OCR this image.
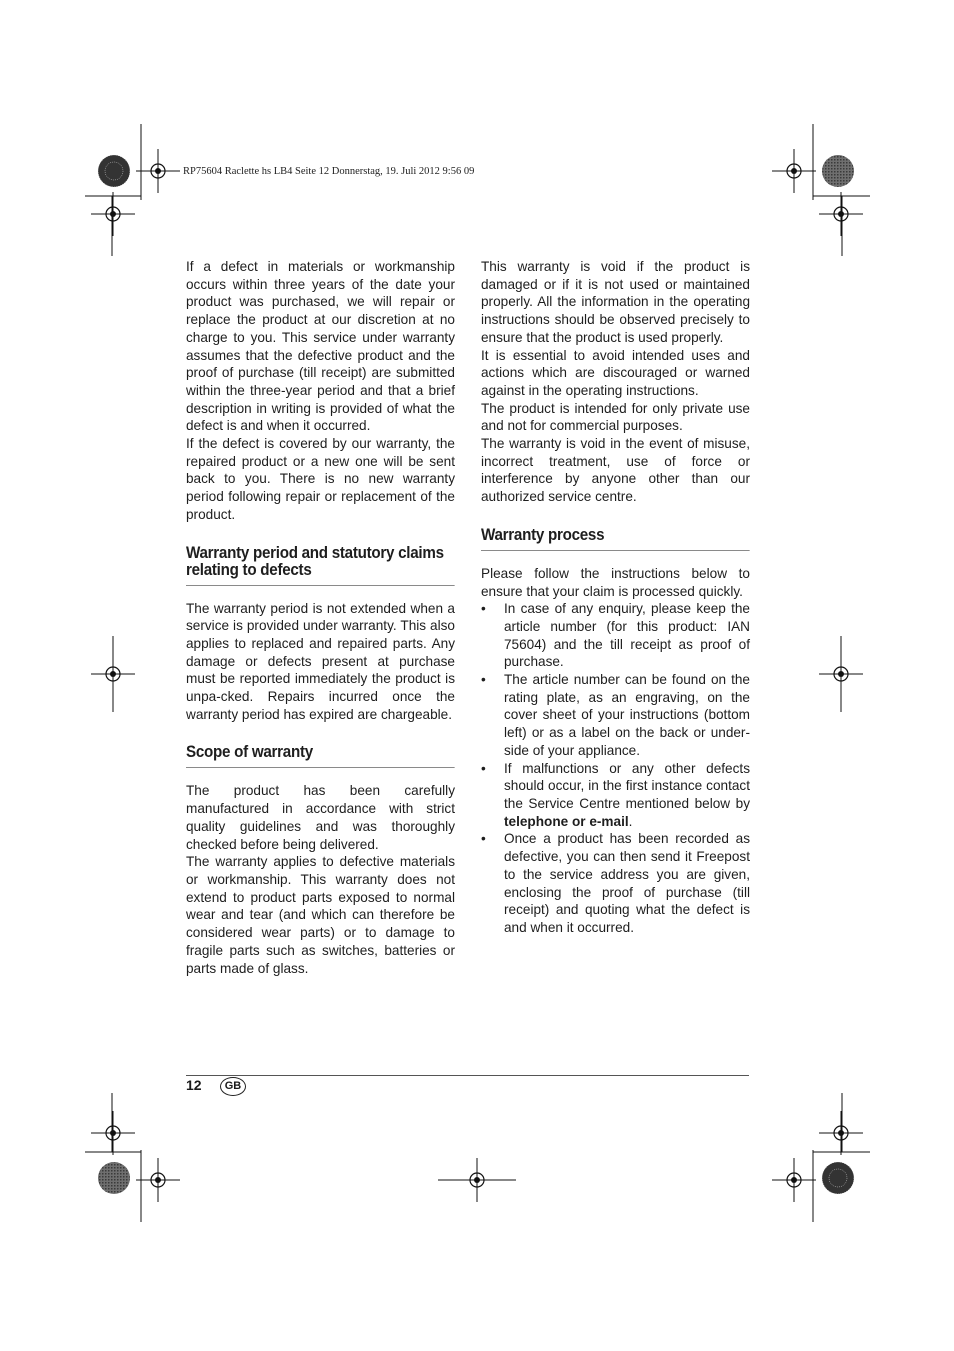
RP75604 Raclette hs LB4 Seite 12 Donnerstag, 19. Juli 2012 9:56 09

If a defect in materials or workmanship occurs within three years of the date your product was purchased, we will repair or replace the product at our discretion at no charge to you. This service under warranty assumes that the defective product and the proof of purchase (till receipt) are submitted within the three-year period and that a brief description in writing is provided of what the defect is and when it occurred.

If the defect is covered by our warranty, the repaired product or a new one will be sent back to you. There is no new warranty period following repair or replacement of the product.

Warranty period and statutory claims relating to defects

The warranty period is not extended when a service is provided under warranty. This also applies to replaced and repaired parts. Any damage or defects present at purchase must be reported immediately the product is unpa-cked. Repairs incurred once the warranty period has expired are chargeable.

Scope of warranty

The product has been carefully manufactured in accordance with strict quality guidelines and was thoroughly checked before being delivered.

The warranty applies to defective materials or workmanship. This warranty does not extend to product parts exposed to normal wear and tear (and which can therefore be considered wear parts) or to damage to fragile parts such as switches, batteries or parts made of glass.

This warranty is void if the product is damaged or if it is not used or maintained properly. All the information in the operating instructions should be observed precisely to ensure that the product is used properly.

It is essential to avoid intended uses and actions which are discouraged or warned against in the operating instructions.

The product is intended for only private use and not for commercial purposes.

The warranty is void in the event of misuse, incorrect treatment, use of force or interference by anyone other than our authorized service centre.

Warranty process

Please follow the instructions below to ensure that your claim is processed quickly.

• In case of any enquiry, please keep the article number (for this product: IAN 75604) and the till receipt as proof of purchase.
• The article number can be found on the rating plate, as an engraving, on the cover sheet of your instructions (bottom left) or as a label on the back or under-side of your appliance.
• If malfunctions or any other defects should occur, in the first instance contact the Service Centre mentioned below by telephone or e-mail.
• Once a product has been recorded as defective, you can then send it Freepost to the service address you are given, enclosing the proof of purchase (till receipt) and quoting what the defect is and when it occurred.
12	GB
